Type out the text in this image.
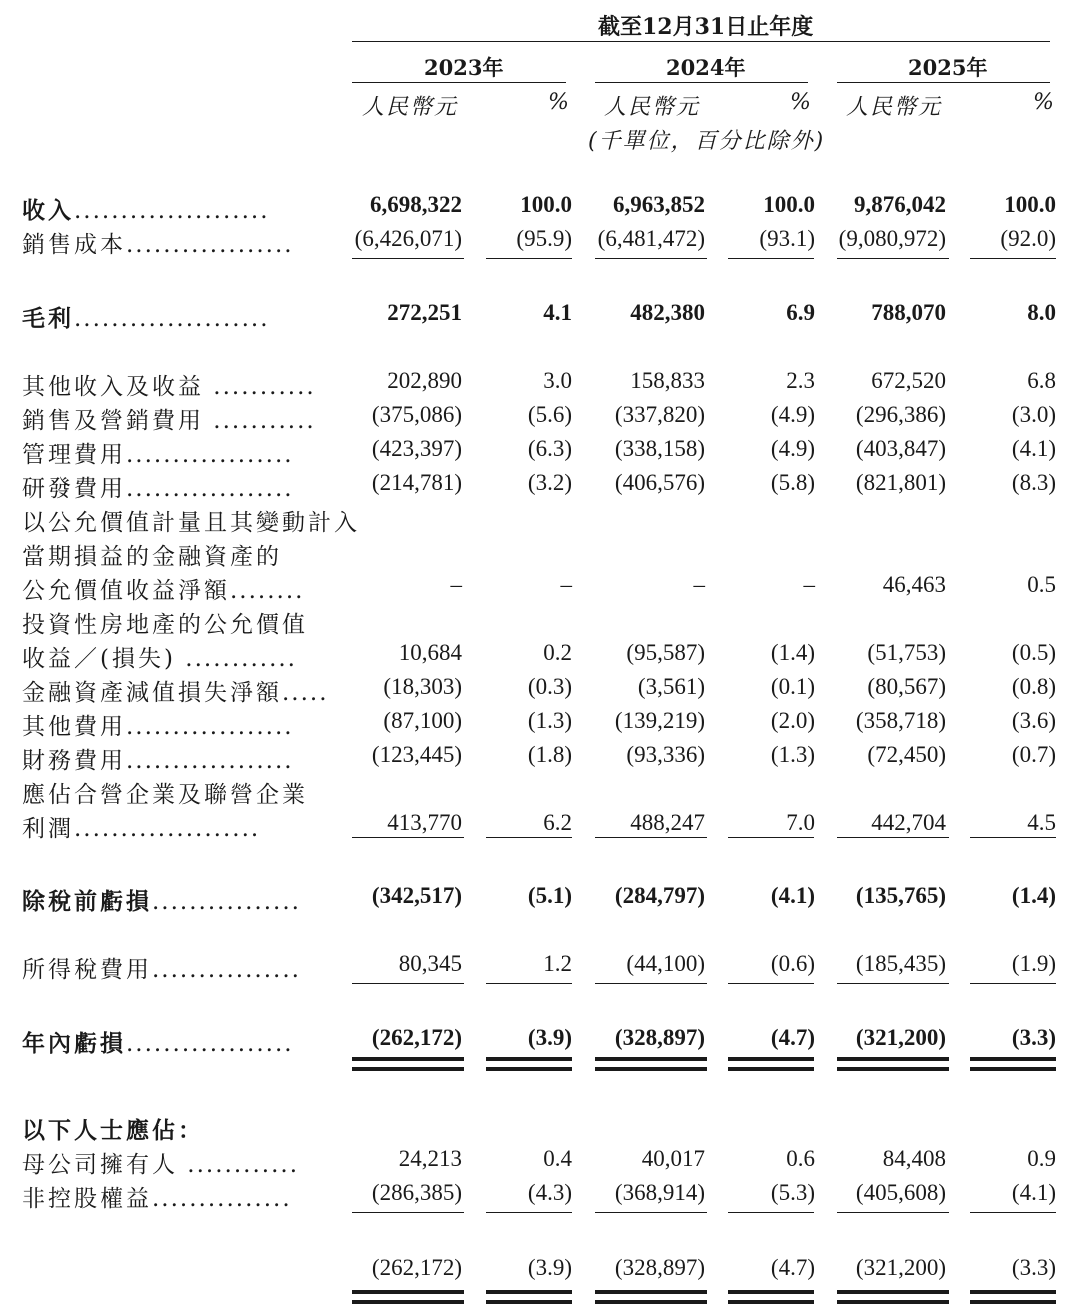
截至12月31日止年度
2023年	2024年	2025年
人民幣元	% 人民幣元	% 人民幣元	%
(千單位，百分比除外)
收入.....................	6,698,322	100.0 6,963,852	100.0 9,876,042	100.0
銷售成本..................	(6,426,071) (95.9) (6,481,472) (93.1) (9,080,972) (92.0)
毛利.....................	272,251	4.1	482,380	6.9 788,070	8.0
其他收入及收益 ...........	202,890	3.0	158,833	2.3 672,520	6.8
銷售及營銷費用 ........... (375,086)	(5.6) (337,820)	(4.9) (296,386)	(3.0)
管理費用..................	(423,397)	(6.3) (338,158)	(4.9) (403,847)	(4.1)
研發費用..................	(214,781)	(3.2) (406,576)	(5.8) (821,801)	(8.3)
以公允價值計量且其變動計入
當期損益的金融資產的
公允價值收益淨額........	–	–	–	–	46,463	0.5
投資性房地產的公允價值
收益／(損失) ............	10,684	0.2 (95,587)	(1.4) (51,753)	(0.5)
金融資產減值損失淨額..... (18,303)	(0.3)	(3,561)	(0.1) (80,567)	(0.8)
其他費用..................	(87,100)	(1.3) (139,219)	(2.0) (358,718)	(3.6)
財務費用..................	(123,445)	(1.8) (93,336)	(1.3) (72,450)	(0.7)
應佔合營企業及聯營企業
利潤....................	413,770	6.2	488,247	7.0 442,704	4.5
除稅前虧損................	(342,517)	(5.1) (284,797)	(4.1) (135,765)	(1.4)
所得稅費用................	80,345	1.2 (44,100)	(0.6) (185,435)	(1.9)
年內虧損..................	(262,172)	(3.9) (328,897)	(4.7) (321,200)	(3.3)
以下人士應佔：
母公司擁有人 ............	24,213	0.4	40,017	0.6	84,408	0.9
非控股權益...............	(286,385)	(4.3) (368,914)	(5.3) (405,608)	(4.1)
(262,172)	(3.9) (328,897)	(4.7) (321,200)	(3.3)
